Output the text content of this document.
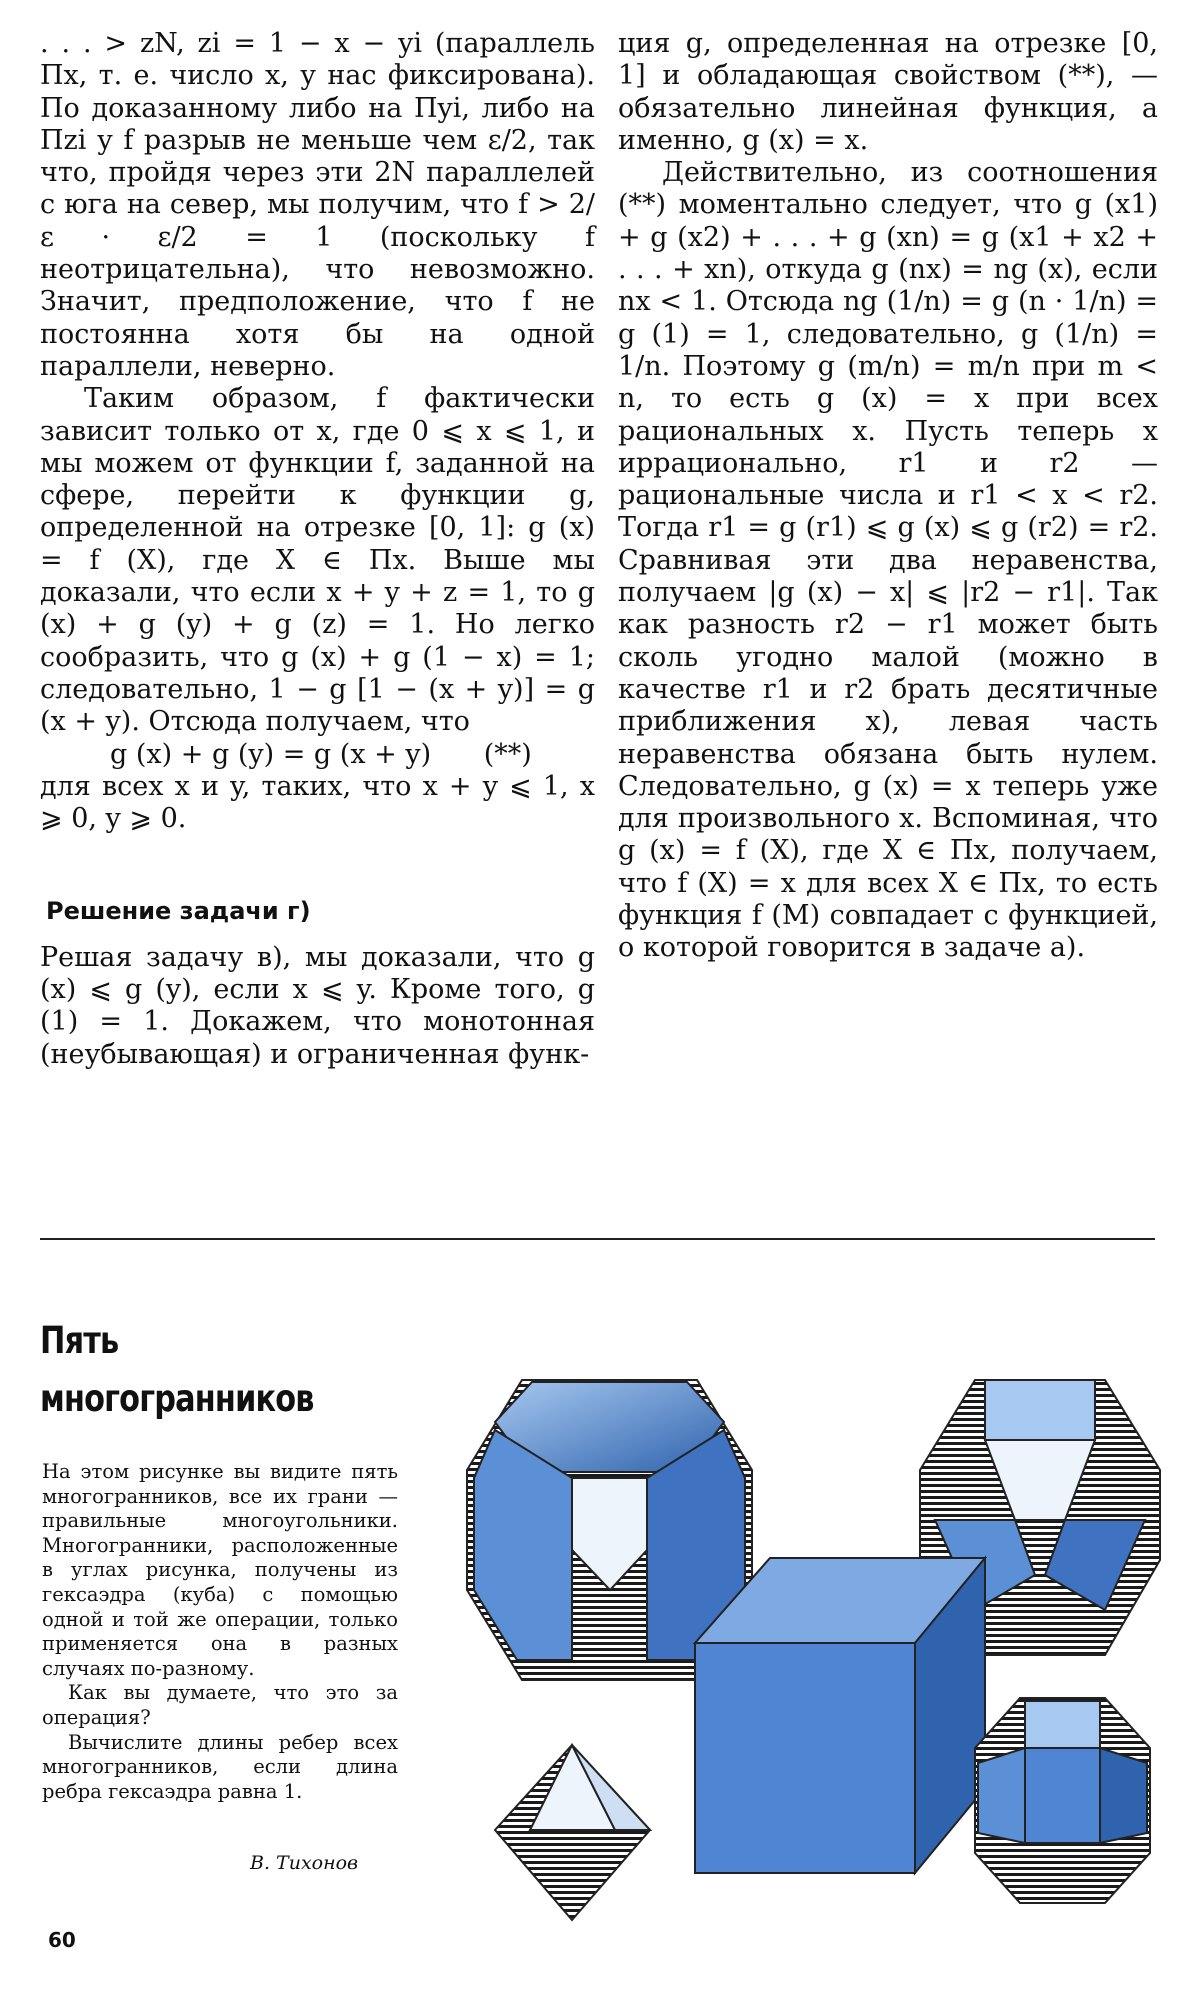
. . . > zN, zi = 1 − x − yi (параллель Пx, т. е. число x, у нас фиксирована). По доказанному либо на Пyi, либо на Пzi у f разрыв не меньше чем ε/2, так что, пройдя через эти 2N параллелей с юга на север, мы получим, что f > 2/ε · ε/2 = 1 (поскольку f неотрицательна), что невозможно. Значит, предположение, что f не постоянна хотя бы на одной параллели, неверно.

Таким образом, f фактически зависит только от x, где 0 ⩽ x ⩽ 1, и мы можем от функции f, заданной на сфере, перейти к функции g, определенной на отрезке [0, 1]: g (x) = f (X), где X ∈ Пx. Выше мы доказали, что если x + y + z = 1, то g (x) + g (y) + g (z) = 1. Но легко сообразить, что g (x) + g (1 − x) = 1; следовательно, 1 − g [1 − (x + y)] = g (x + y). Отсюда получаем, что

g (x) + g (y) = g (x + y) (**)

для всех x и y, таких, что x + y ⩽ 1, x ⩾ 0, y ⩾ 0.

Решение задачи г)

Решая задачу в), мы доказали, что g (x) ⩽ g (y), если x ⩽ y. Кроме того, g (1) = 1. Докажем, что монотонная (неубывающая) и ограниченная функ-

ция g, определенная на отрезке [0, 1] и обладающая свойством (**), — обязательно линейная функция, а именно, g (x) = x.

Действительно, из соотношения (**) моментально следует, что g (x1) + g (x2) + . . . + g (xn) = g (x1 + x2 + . . . + xn), откуда g (nx) = ng (x), если nx < 1. Отсюда ng (1/n) = g (n · 1/n) = g (1) = 1, следовательно, g (1/n) = 1/n. Поэтому g (m/n) = m/n при m < n, то есть g (x) = x при всех рациональных x. Пусть теперь x иррационально, r1 и r2 — рациональные числа и r1 < x < r2. Тогда r1 = g (r1) ⩽ g (x) ⩽ g (r2) = r2. Сравнивая эти два неравенства, получаем |g (x) − x| ⩽ |r2 − r1|. Так как разность r2 − r1 может быть сколь угодно малой (можно в качестве r1 и r2 брать десятичные приближения x), левая часть неравенства обязана быть нулем. Следовательно, g (x) = x теперь уже для произвольного x. Вспоминая, что g (x) = f (X), где X ∈ Пx, получаем, что f (X) = x для всех X ∈ Пx, то есть функция f (M) совпадает с функцией, о которой говорится в задаче а).

Пять многогранников

На этом рисунке вы видите пять многогранников, все их грани — правильные многоугольники. Многогранники, расположенные в углах рисунка, получены из гексаэдра (куба) с помощью одной и той же операции, только применяется она в разных случаях по-разному.

Как вы думаете, что это за операция?

Вычислите длины ребер всех многогранников, если длина ребра гексаэдра равна 1.

В. Тихонов
60
